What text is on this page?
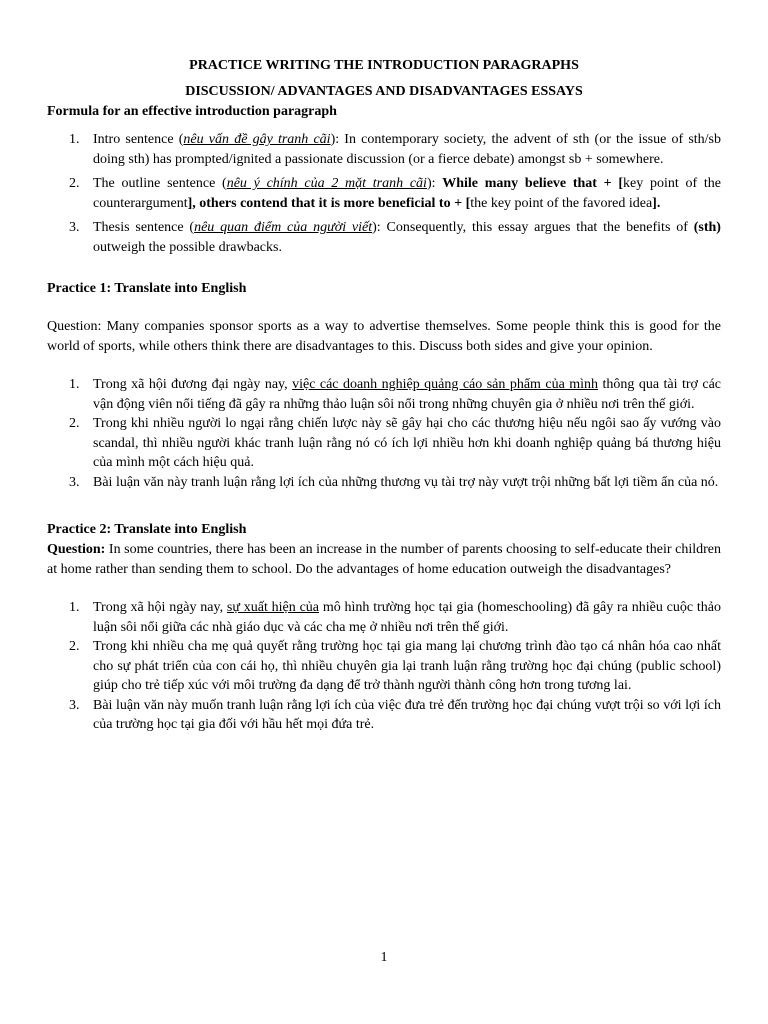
PRACTICE WRITING THE INTRODUCTION PARAGRAPHS

DISCUSSION/ ADVANTAGES AND DISADVANTAGES ESSAYS

Formula for an effective introduction paragraph

1. Intro sentence (nêu vấn đề gây tranh cãi): In contemporary society, the advent of sth (or the issue of sth/sb doing sth) has prompted/ignited a passionate discussion (or a fierce debate) amongst sb + somewhere.
2. The outline sentence (nêu ý chính của 2 mặt tranh cãi): While many believe that + [key point of the counterargument], others contend that it is more beneficial to + [the key point of the favored idea].
3. Thesis sentence (nêu quan điểm của người viết): Consequently, this essay argues that the benefits of (sth) outweigh the possible drawbacks.

Practice 1: Translate into English

Question: Many companies sponsor sports as a way to advertise themselves. Some people think this is good for the world of sports, while others think there are disadvantages to this. Discuss both sides and give your opinion.

1. Trong xã hội đương đại ngày nay, việc các doanh nghiệp quảng cáo sản phẩm của mình thông qua tài trợ các vận động viên nổi tiếng đã gây ra những thảo luận sôi nổi trong những chuyên gia ở nhiều nơi trên thế giới.
2. Trong khi nhiều người lo ngại rằng chiến lược này sẽ gây hại cho các thương hiệu nếu ngôi sao ấy vướng vào scandal, thì nhiều người khác tranh luận rằng nó có ích lợi nhiều hơn khi doanh nghiệp quảng bá thương hiệu của mình một cách hiệu quả.
3. Bài luận văn này tranh luận rằng lợi ích của những thương vụ tài trợ này vượt trội những bất lợi tiềm ẩn của nó.

Practice 2: Translate into English

Question: In some countries, there has been an increase in the number of parents choosing to self-educate their children at home rather than sending them to school. Do the advantages of home education outweigh the disadvantages?

1. Trong xã hội ngày nay, sự xuất hiện của mô hình trường học tại gia (homeschooling) đã gây ra nhiều cuộc thảo luận sôi nổi giữa các nhà giáo dục và các cha mẹ ở nhiều nơi trên thế giới.
2. Trong khi nhiều cha mẹ quả quyết rằng trường học tại gia mang lại chương trình đào tạo cá nhân hóa cao nhất cho sự phát triển của con cái họ, thì nhiều chuyên gia lại tranh luận rằng trường học đại chúng (public school) giúp cho trẻ tiếp xúc với môi trường đa dạng để trở thành người thành công hơn trong tương lai.
3. Bài luận văn này muốn tranh luận rằng lợi ích của việc đưa trẻ đến trường học đại chúng vượt trội so với lợi ích của trường học tại gia đối với hầu hết mọi đứa trẻ.
1
